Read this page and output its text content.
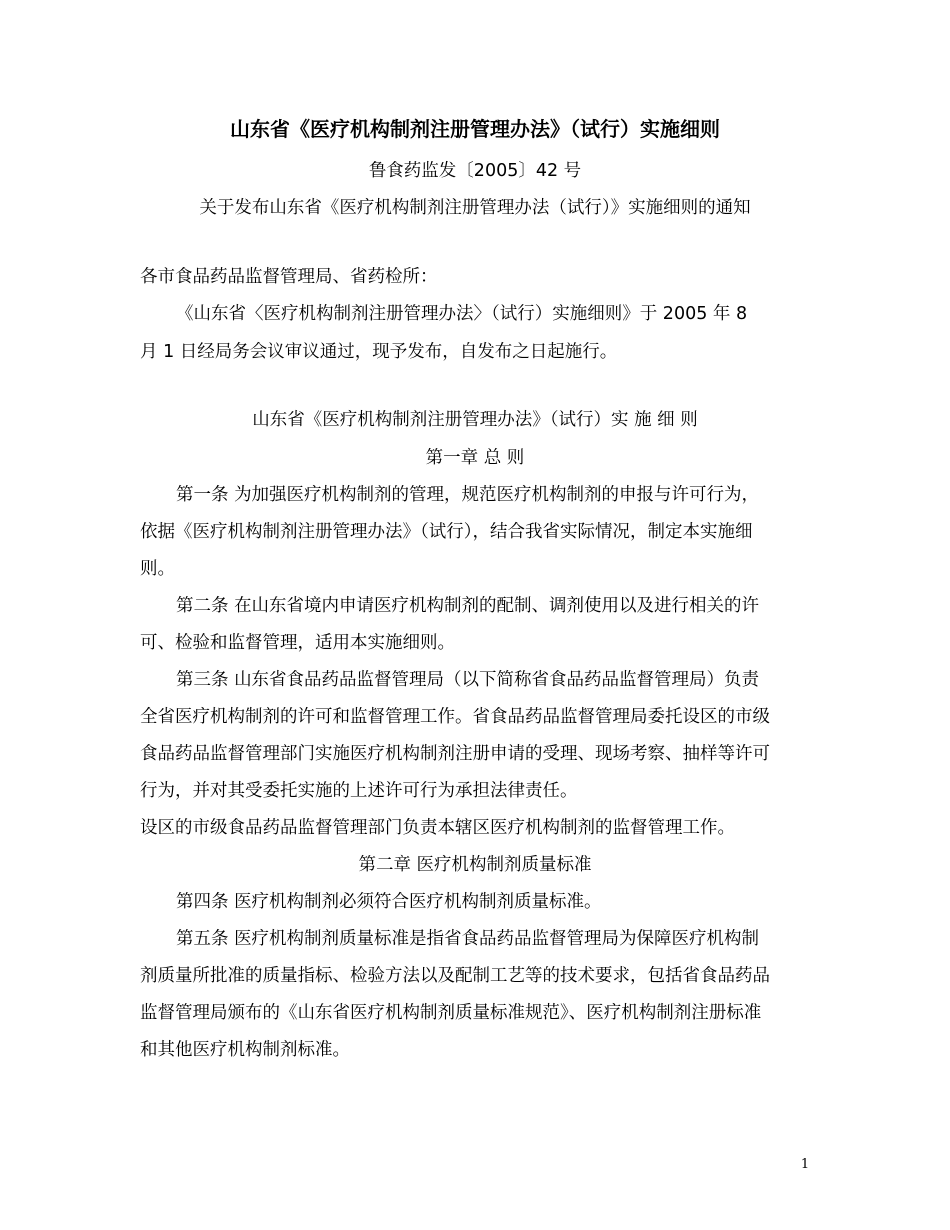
山东省《医疗机构制剂注册管理办法》（试行）实施细则
鲁食药监发〔2005〕42 号
关于发布山东省《医疗机构制剂注册管理办法（试行）》实施细则的通知
各市食品药品监督管理局、省药检所：
《山东省〈医疗机构制剂注册管理办法〉（试行）实施细则》于 2005 年 8
月 1 日经局务会议审议通过，现予发布，自发布之日起施行。
山东省《医疗机构制剂注册管理办法》（试行）实 施 细 则
第一章 总 则
第一条 为加强医疗机构制剂的管理，规范医疗机构制剂的申报与许可行为，
依据《医疗机构制剂注册管理办法》（试行），结合我省实际情况，制定本实施细
则。
第二条 在山东省境内申请医疗机构制剂的配制、调剂使用以及进行相关的许
可、检验和监督管理，适用本实施细则。
第三条 山东省食品药品监督管理局（以下简称省食品药品监督管理局）负责
全省医疗机构制剂的许可和监督管理工作。省食品药品监督管理局委托设区的市级
食品药品监督管理部门实施医疗机构制剂注册申请的受理、现场考察、抽样等许可
行为，并对其受委托实施的上述许可行为承担法律责任。
设区的市级食品药品监督管理部门负责本辖区医疗机构制剂的监督管理工作。
第二章 医疗机构制剂质量标准
第四条 医疗机构制剂必须符合医疗机构制剂质量标准。
第五条 医疗机构制剂质量标准是指省食品药品监督管理局为保障医疗机构制
剂质量所批准的质量指标、检验方法以及配制工艺等的技术要求，包括省食品药品
监督管理局颁布的《山东省医疗机构制剂质量标准规范》、医疗机构制剂注册标准
和其他医疗机构制剂标准。
1
